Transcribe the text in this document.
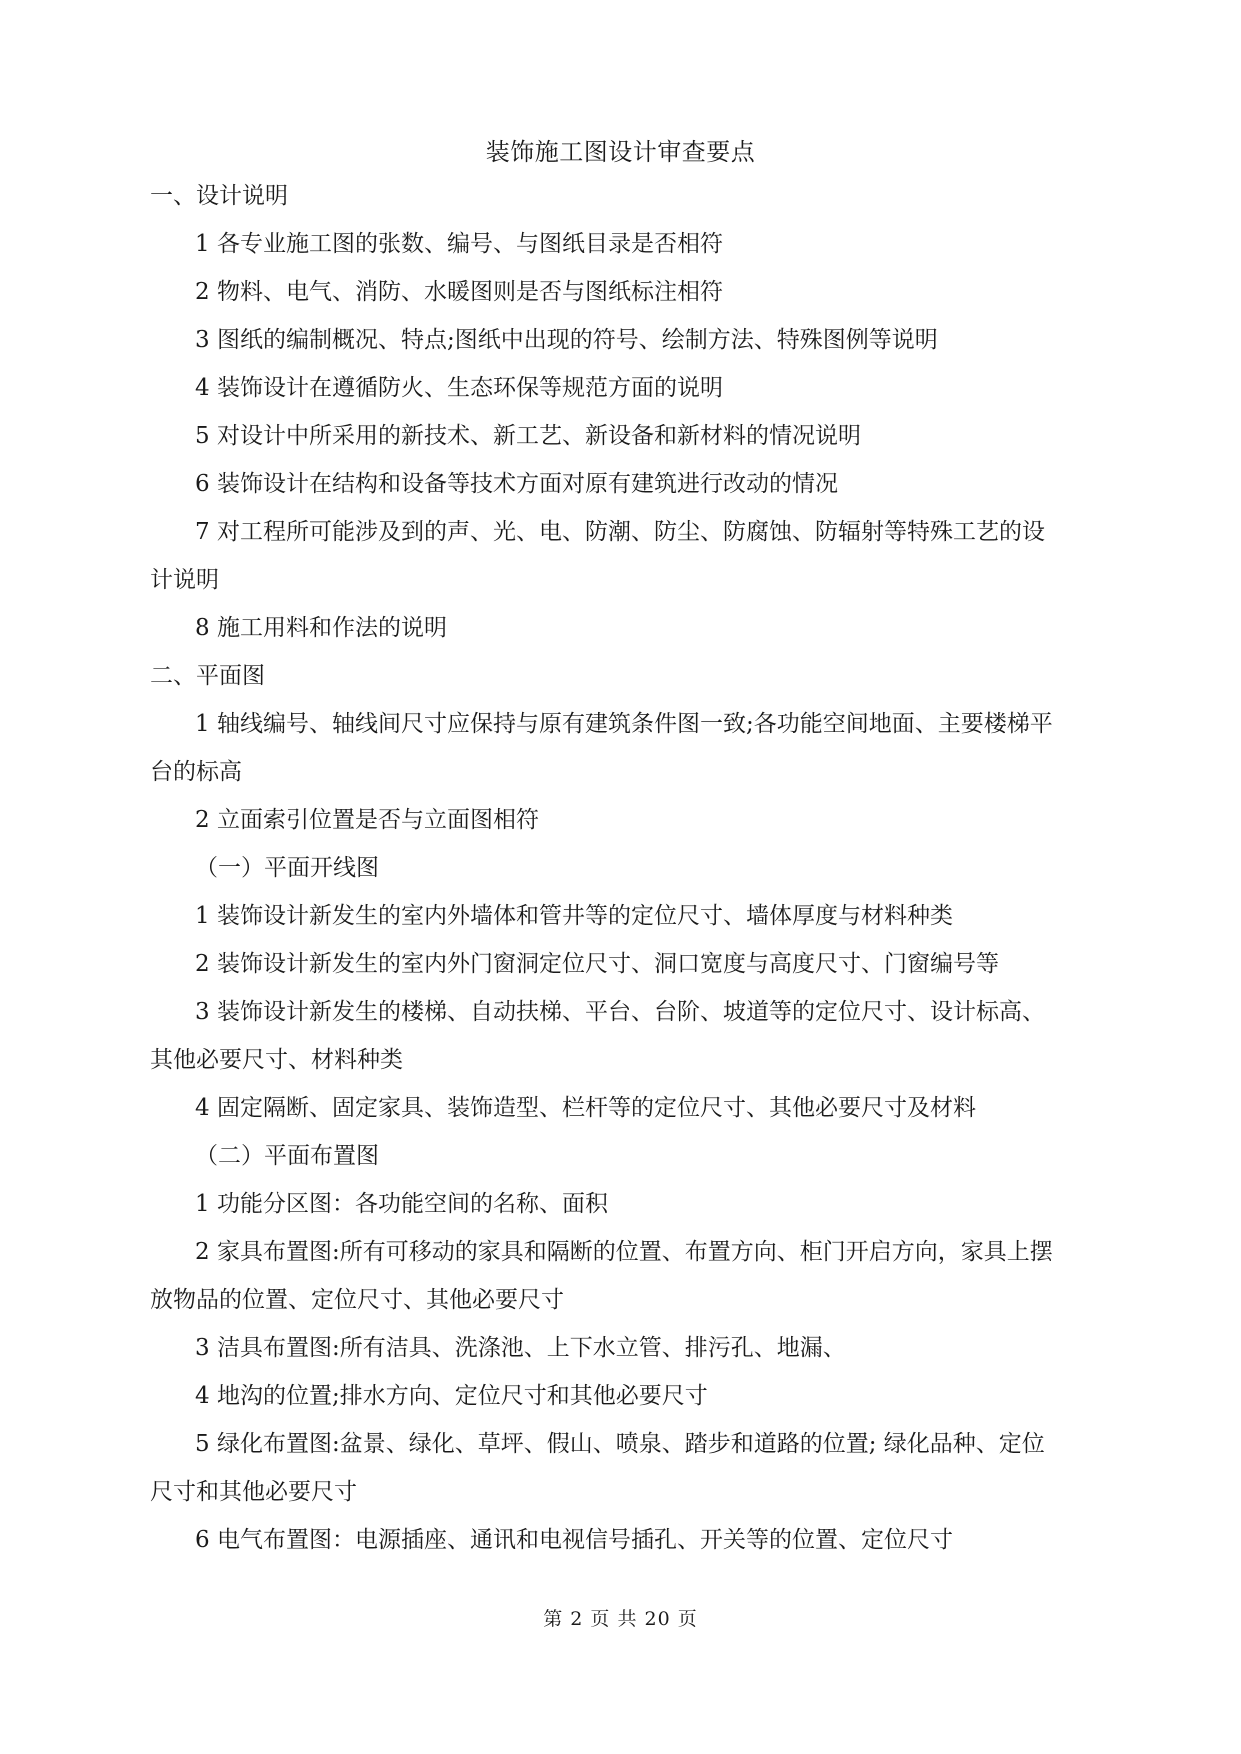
装饰施工图设计审查要点

一、设计说明

1 各专业施工图的张数、编号、与图纸目录是否相符

2 物料、电气、消防、水暖图则是否与图纸标注相符

3 图纸的编制概况、特点;图纸中出现的符号、绘制方法、特殊图例等说明

4 装饰设计在遵循防火、生态环保等规范方面的说明

5 对设计中所采用的新技术、新工艺、新设备和新材料的情况说明

6 装饰设计在结构和设备等技术方面对原有建筑进行改动的情况

7 对工程所可能涉及到的声、光、电、防潮、防尘、防腐蚀、防辐射等特殊工艺的设

计说明

8 施工用料和作法的说明

二、平面图

1 轴线编号、轴线间尺寸应保持与原有建筑条件图一致;各功能空间地面、主要楼梯平

台的标高

2 立面索引位置是否与立面图相符

（一）平面开线图

1 装饰设计新发生的室内外墙体和管井等的定位尺寸、墙体厚度与材料种类

2 装饰设计新发生的室内外门窗洞定位尺寸、洞口宽度与高度尺寸、门窗编号等

3 装饰设计新发生的楼梯、自动扶梯、平台、台阶、坡道等的定位尺寸、设计标高、

其他必要尺寸、材料种类

4 固定隔断、固定家具、装饰造型、栏杆等的定位尺寸、其他必要尺寸及材料

（二）平面布置图

1 功能分区图：各功能空间的名称、面积

2 家具布置图:所有可移动的家具和隔断的位置、布置方向、柜门开启方向，家具上摆

放物品的位置、定位尺寸、其他必要尺寸

3 洁具布置图:所有洁具、洗涤池、上下水立管、排污孔、地漏、

4 地沟的位置;排水方向、定位尺寸和其他必要尺寸

5 绿化布置图:盆景、绿化、草坪、假山、喷泉、踏步和道路的位置; 绿化品种、定位

尺寸和其他必要尺寸

6 电气布置图：电源插座、通讯和电视信号插孔、开关等的位置、定位尺寸

第 2 页 共 20 页
